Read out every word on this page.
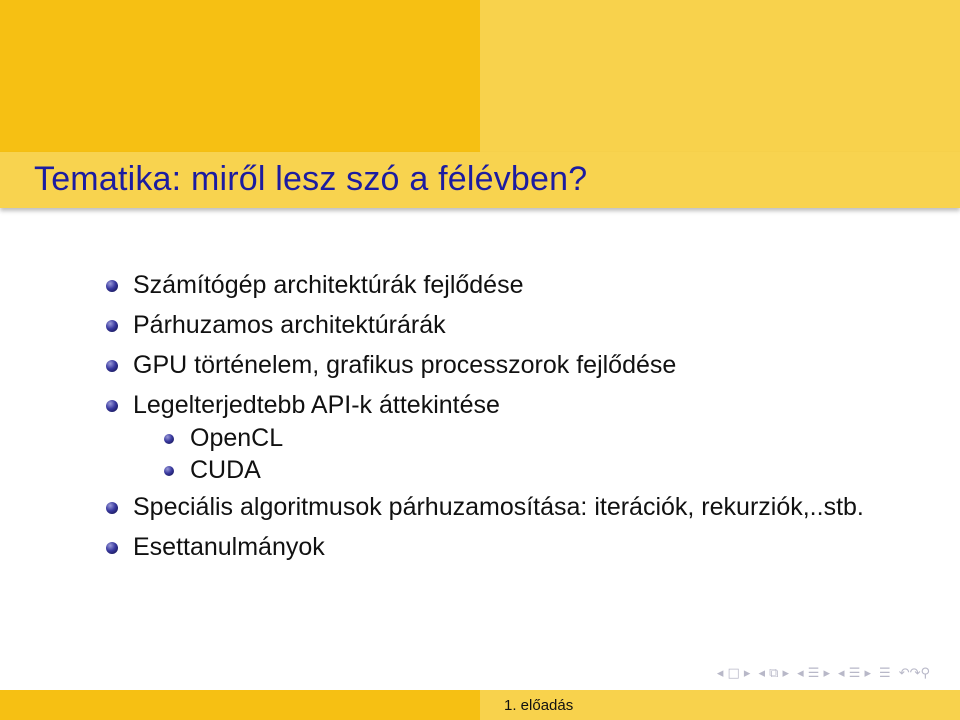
Tematika: miről lesz szó a félévben?
Számítógép architektúrák fejlődése
Párhuzamos architektúrárák
GPU történelem, grafikus processzorok fejlődése
Legelterjedtebb API-k áttekintése
OpenCL
CUDA
Speciális algoritmusok párhuzamosítása: iterációk, rekurziók,..stb.
Esettanulmányok
◂ □ ▸ ◂ ⧉ ▸ ◂ ☰ ▸ ◂ ☰ ▸ ☰ ↶↷⚲
1. előadás
